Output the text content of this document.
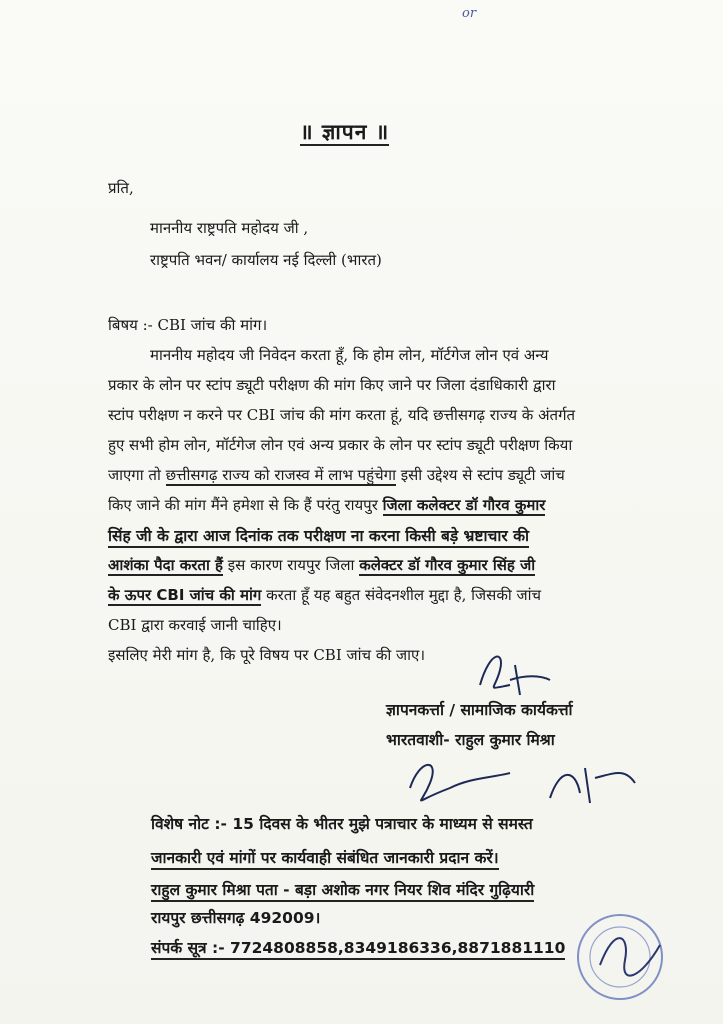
or
॥ ज्ञापन ॥
प्रति,
माननीय राष्ट्रपति महोदय जी ,
राष्ट्रपति भवन/ कार्यालय नई दिल्ली (भारत)
बिषय :- CBI जांच की मांग।
माननीय महोदय जी निवेदन करता हूँ, कि होम लोन, मॉर्टगेज लोन एवं अन्य
प्रकार के लोन पर स्टांप ड्यूटी परीक्षण की मांग किए जाने पर जिला दंडाधिकारी द्वारा
स्टांप परीक्षण न करने पर CBI जांच की मांग करता हूं, यदि छत्तीसगढ़ राज्य के अंतर्गत
हुए सभी होम लोन, मॉर्टगेज लोन एवं अन्य प्रकार के लोन पर स्टांप ड्यूटी परीक्षण किया
जाएगा तो छत्तीसगढ़ राज्य को राजस्व में लाभ पहुंचेगा इसी उद्देश्य से स्टांप ड्यूटी जांच
किए जाने की मांग मैंने हमेशा से कि हैं परंतु रायपुर जिला कलेक्टर डॉ गौरव कुमार
सिंह जी के द्वारा आज दिनांक तक परीक्षण ना करना किसी बड़े भ्रष्टाचार की
आशंका पैदा करता हैं इस कारण रायपुर जिला कलेक्टर डॉ गौरव कुमार सिंह जी
के ऊपर CBI जांच की मांग करता हूँ यह बहुत संवेदनशील मुद्दा है, जिसकी जांच
CBI द्वारा करवाई जानी चाहिए।
इसलिए मेरी मांग है, कि पूरे विषय पर CBI जांच की जाए।
ज्ञापनकर्त्ता / सामाजिक कार्यकर्त्ता
भारतवाशी- राहुल कुमार मिश्रा
विशेष नोट :- 15 दिवस के भीतर मुझे पत्राचार के माध्यम से समस्त
जानकारी एवं मांगों पर कार्यवाही संबंधित जानकारी प्रदान करें।
राहुल कुमार मिश्रा पता - बड़ा अशोक नगर नियर शिव मंदिर गुढ़ियारी
रायपुर छत्तीसगढ़ 492009।
संपर्क सूत्र :- 7724808858,8349186336,8871881110
